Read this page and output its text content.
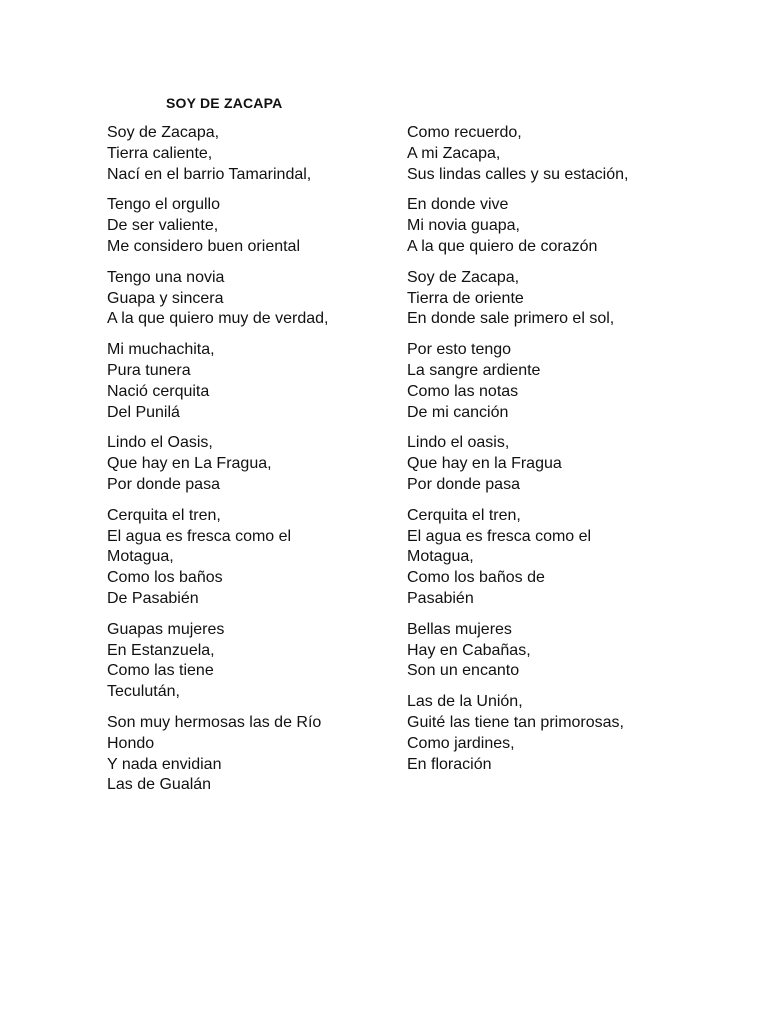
SOY DE ZACAPA
Soy de Zacapa,
Tierra caliente,
Nací en el barrio Tamarindal,
Tengo el orgullo
De ser valiente,
Me considero buen oriental
Tengo una novia
Guapa y sincera
A la que quiero muy de verdad,
Mi muchachita,
Pura tunera
Nació cerquita
Del Punilá
Lindo el Oasis,
Que hay en La Fragua,
Por donde pasa
Cerquita el tren,
El agua es fresca como el
Motagua,
Como los baños
De Pasabién
Guapas mujeres
En Estanzuela,
Como las tiene
Teculután,
Son muy hermosas las de Río
Hondo
Y nada envidian
Las de Gualán
Como recuerdo,
A mi Zacapa,
Sus lindas calles y su estación,
En donde vive
Mi novia guapa,
A la que quiero de corazón
Soy de Zacapa,
Tierra de oriente
En donde sale primero el sol,
Por esto tengo
La sangre ardiente
Como las notas
De mi canción
Lindo el oasis,
Que hay en la Fragua
Por donde pasa
Cerquita el tren,
El agua es fresca como el
Motagua,
Como los baños de
Pasabién
Bellas mujeres
Hay en Cabañas,
Son un encanto
Las de la Unión,
Guité las tiene tan primorosas,
Como jardines,
En floración
